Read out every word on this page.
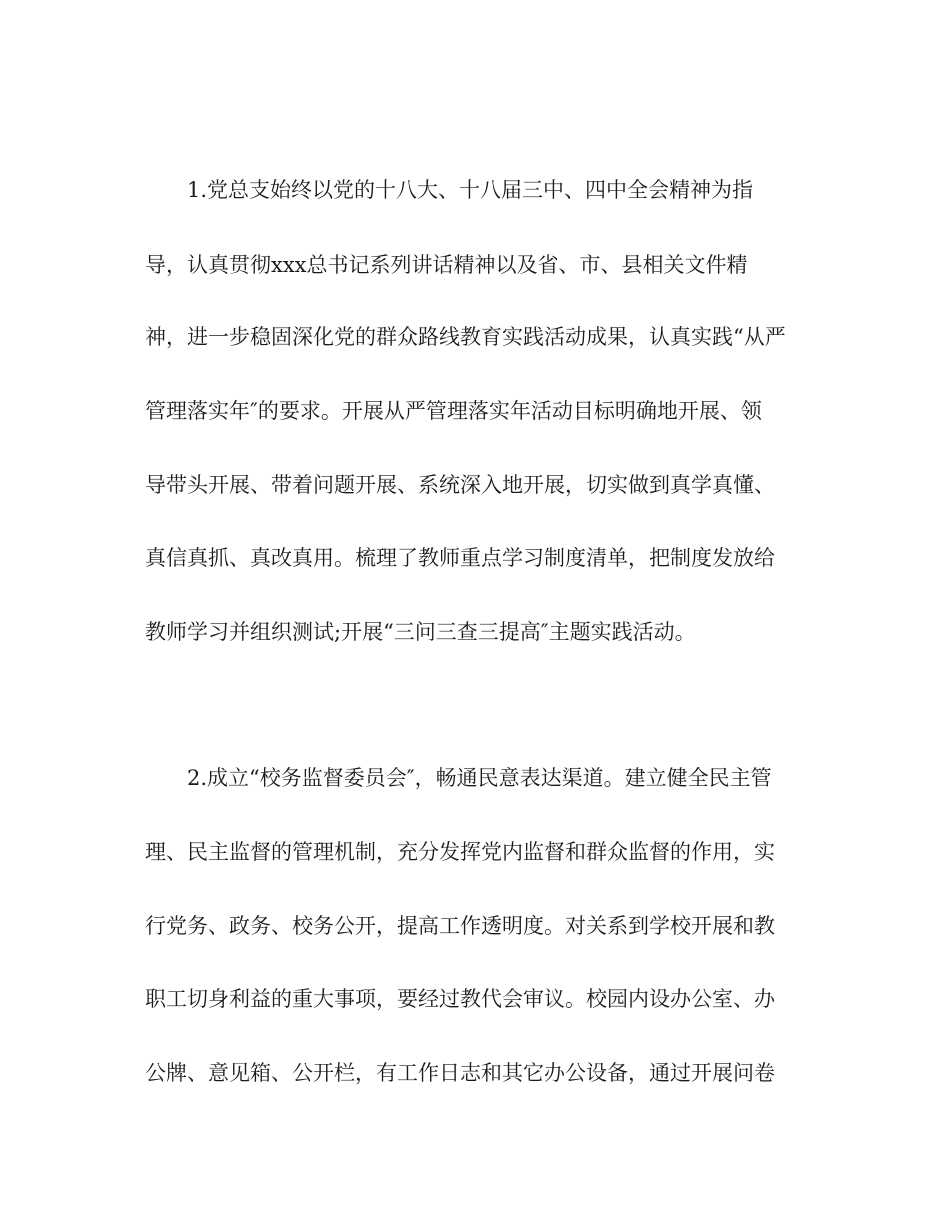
1.党总支始终以党的十八大、十八届三中、四中全会精神为指
导，认真贯彻xxx总书记系列讲话精神以及省、市、县相关文件精
神，进一步稳固深化党的群众路线教育实践活动成果，认真实践“从严
管理落实年″的要求。开展从严管理落实年活动目标明确地开展、领
导带头开展、带着问题开展、系统深入地开展，切实做到真学真懂、
真信真抓、真改真用。梳理了教师重点学习制度清单，把制度发放给
教师学习并组织测试;开展“三问三查三提高″主题实践活动。
2.成立“校务监督委员会″，畅通民意表达渠道。建立健全民主管
理、民主监督的管理机制，充分发挥党内监督和群众监督的作用，实
行党务、政务、校务公开，提高工作透明度。对关系到学校开展和教
职工切身利益的重大事项，要经过教代会审议。校园内设办公室、办
公牌、意见箱、公开栏，有工作日志和其它办公设备，通过开展问卷
